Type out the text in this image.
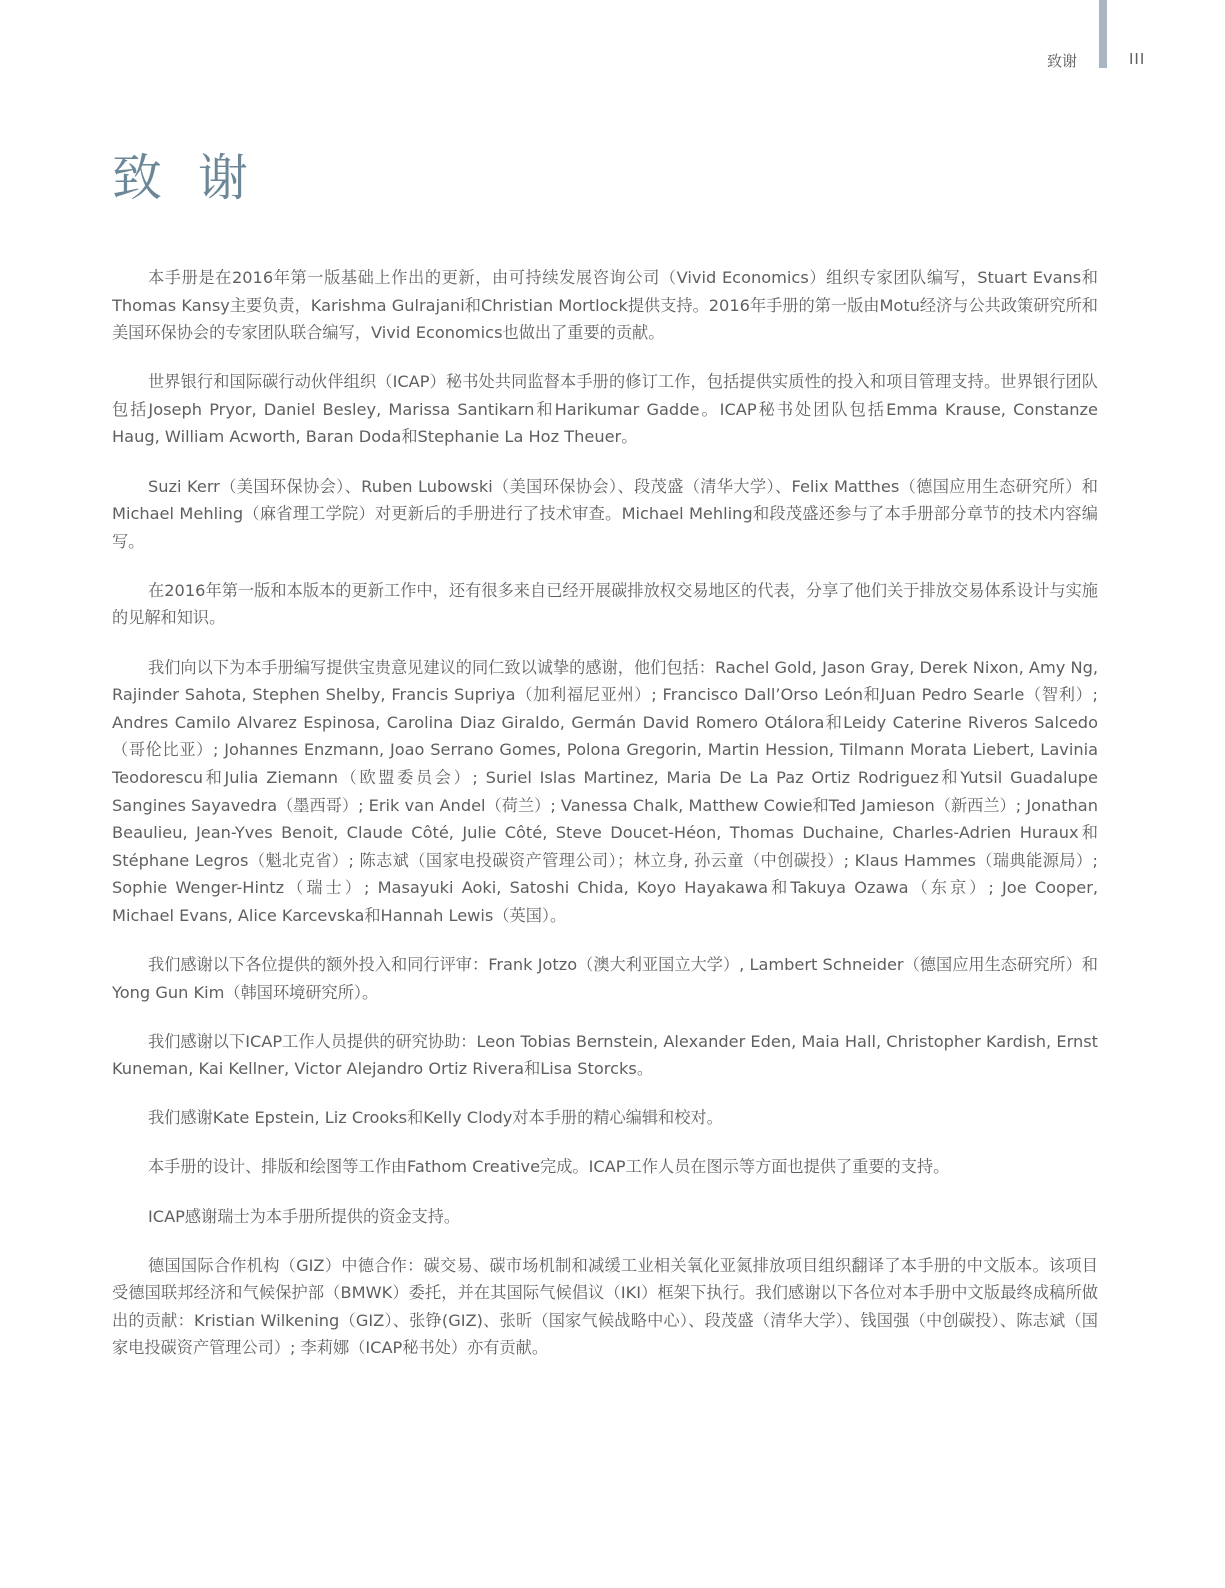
致谢	III
致 谢

本手册是在2016年第一版基础上作出的更新，由可持续发展咨询公司（Vivid Economics）组织专家团队编写，Stuart Evans和Thomas Kansy主要负责，Karishma Gulrajani和Christian Mortlock提供支持。2016年手册的第一版由Motu经济与公共政策研究所和美国环保协会的专家团队联合编写，Vivid Economics也做出了重要的贡献。

世界银行和国际碳行动伙伴组织（ICAP）秘书处共同监督本手册的修订工作，包括提供实质性的投入和项目管理支持。世界银行团队包括Joseph Pryor, Daniel Besley, Marissa Santikarn和Harikumar Gadde。ICAP秘书处团队包括Emma Krause, Constanze Haug, William Acworth, Baran Doda和Stephanie La Hoz Theuer。

Suzi Kerr（美国环保协会）、Ruben Lubowski（美国环保协会）、段茂盛（清华大学）、Felix Matthes（德国应用生态研究所）和Michael Mehling（麻省理工学院）对更新后的手册进行了技术审查。Michael Mehling和段茂盛还参与了本手册部分章节的技术内容编写。

在2016年第一版和本版本的更新工作中，还有很多来自已经开展碳排放权交易地区的代表，分享了他们关于排放交易体系设计与实施的见解和知识。

我们向以下为本手册编写提供宝贵意见建议的同仁致以诚挚的感谢，他们包括：Rachel Gold, Jason Gray, Derek Nixon, Amy Ng, Rajinder Sahota, Stephen Shelby, Francis Supriya（加利福尼亚州）; Francisco Dall’Orso León和Juan Pedro Searle（智利）; Andres Camilo Alvarez Espinosa, Carolina Diaz Giraldo, Germán David Romero Otálora和Leidy Caterine Riveros Salcedo（哥伦比亚）; Johannes Enzmann, Joao Serrano Gomes, Polona Gregorin, Martin Hession, Tilmann Morata Liebert, Lavinia Teodorescu和Julia Ziemann（欧盟委员会）; Suriel Islas Martinez, Maria De La Paz Ortiz Rodriguez和Yutsil Guadalupe Sangines Sayavedra（墨西哥）; Erik van Andel（荷兰）; Vanessa Chalk, Matthew Cowie和Ted Jamieson（新西兰）; Jonathan Beaulieu, Jean-Yves Benoit, Claude Côté, Julie Côté, Steve Doucet-Héon, Thomas Duchaine, Charles-Adrien Huraux和Stéphane Legros（魁北克省）; 陈志斌（国家电投碳资产管理公司）；林立身, 孙云童（中创碳投）; Klaus Hammes（瑞典能源局）; Sophie Wenger-Hintz（瑞士）; Masayuki Aoki, Satoshi Chida, Koyo Hayakawa和Takuya Ozawa（东京）; Joe Cooper, Michael Evans, Alice Karcevska和Hannah Lewis（英国）。

我们感谢以下各位提供的额外投入和同行评审：Frank Jotzo（澳大利亚国立大学）, Lambert Schneider（德国应用生态研究所）和Yong Gun Kim（韩国环境研究所）。

我们感谢以下ICAP工作人员提供的研究协助：Leon Tobias Bernstein, Alexander Eden, Maia Hall, Christopher Kardish, Ernst Kuneman, Kai Kellner, Victor Alejandro Ortiz Rivera和Lisa Storcks。

我们感谢Kate Epstein, Liz Crooks和Kelly Clody对本手册的精心编辑和校对。

本手册的设计、排版和绘图等工作由Fathom Creative完成。ICAP工作人员在图示等方面也提供了重要的支持。

ICAP感谢瑞士为本手册所提供的资金支持。

德国国际合作机构（GIZ）中德合作：碳交易、碳市场机制和减缓工业相关氧化亚氮排放项目组织翻译了本手册的中文版本。该项目受德国联邦经济和气候保护部（BMWK）委托，并在其国际气候倡议（IKI）框架下执行。我们感谢以下各位对本手册中文版最终成稿所做出的贡献：Kristian Wilkening（GIZ）、张铮(GIZ)、张昕（国家气候战略中心）、段茂盛（清华大学）、钱国强（中创碳投）、陈志斌（国家电投碳资产管理公司）; 李莉娜（ICAP秘书处）亦有贡献。
